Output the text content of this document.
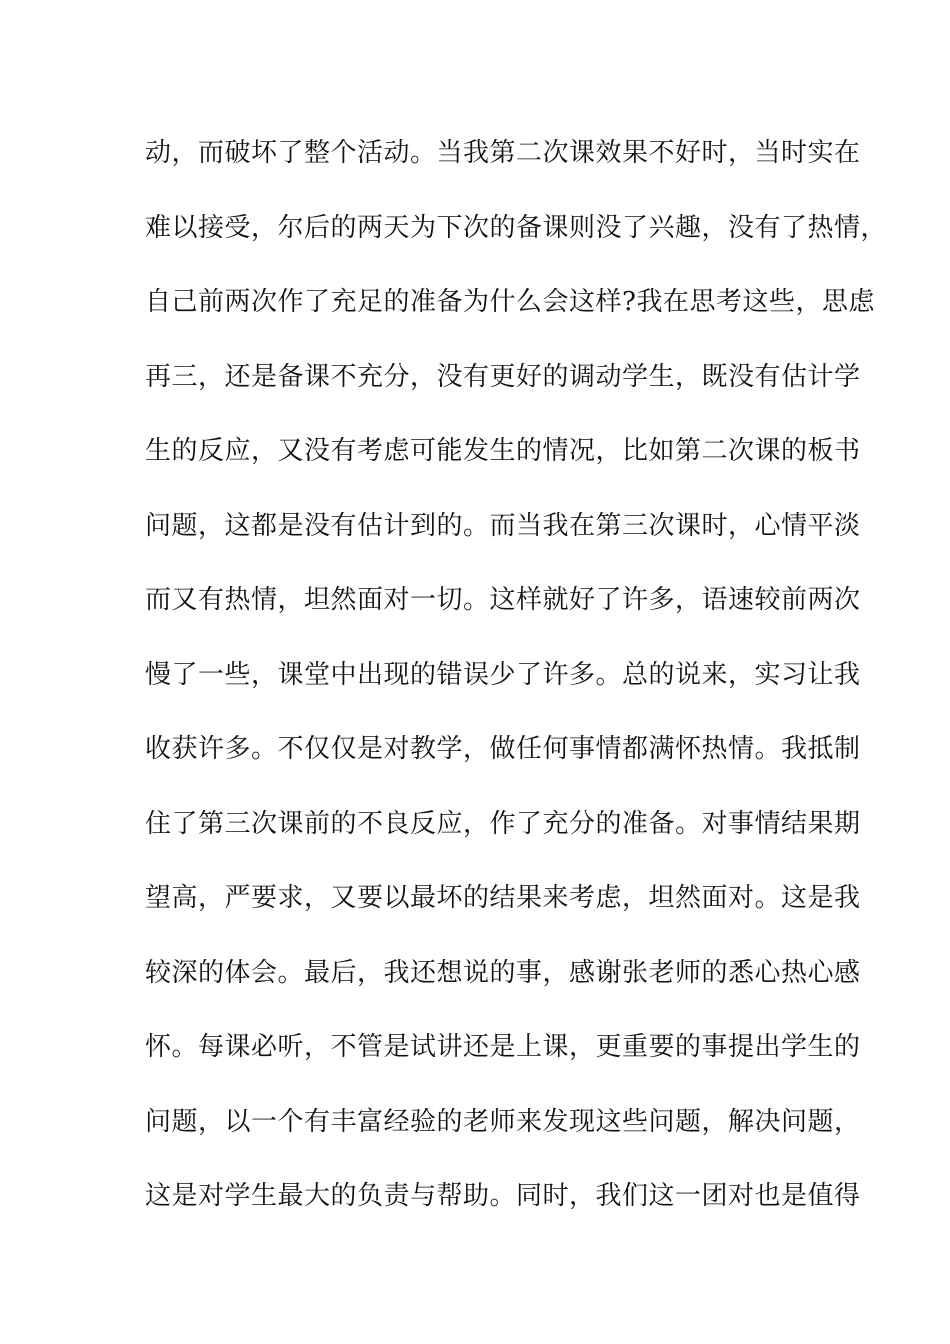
动，而破坏了整个活动。当我第二次课效果不好时，当时实在
难以接受，尔后的两天为下次的备课则没了兴趣，没有了热情，
自己前两次作了充足的准备为什么会这样?我在思考这些，思虑
再三，还是备课不充分，没有更好的调动学生，既没有估计学
生的反应，又没有考虑可能发生的情况，比如第二次课的板书
问题，这都是没有估计到的。而当我在第三次课时，心情平淡
而又有热情，坦然面对一切。这样就好了许多，语速较前两次
慢了一些，课堂中出现的错误少了许多。总的说来，实习让我
收获许多。不仅仅是对教学，做任何事情都满怀热情。我抵制
住了第三次课前的不良反应，作了充分的准备。对事情结果期
望高，严要求，又要以最坏的结果来考虑，坦然面对。这是我
较深的体会。最后，我还想说的事，感谢张老师的悉心热心感
怀。每课必听，不管是试讲还是上课，更重要的事提出学生的
问题，以一个有丰富经验的老师来发现这些问题，解决问题，
这是对学生最大的负责与帮助。同时，我们这一团对也是值得
